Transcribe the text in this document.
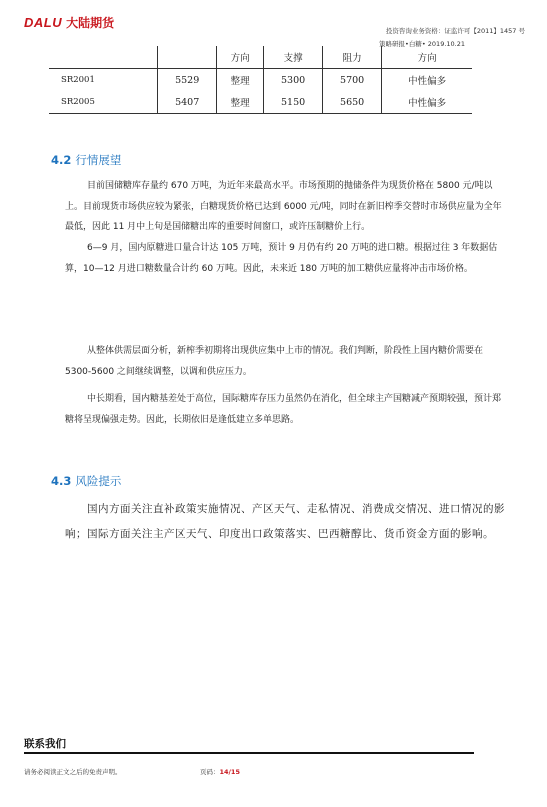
DALU 大陆期货
投资咨询业务资格：证监许可【2011】1457 号
策略研报•白糖• 2019.10.21
		方向	支撑	阻力	方向
SR2001	5529	整理	5300	5700	中性偏多
SR2005	5407	整理	5150	5650	中性偏多
4.2 行情展望

目前国储糖库存量约 670 万吨，为近年来最高水平。市场预期的抛储条件为现货价格在 5800 元/吨以上。目前现货市场供应较为紧张，白糖现货价格已达到 6000 元/吨，同时在新旧榨季交替时市场供应量为全年最低，因此 11 月中上旬是国储糖出库的重要时间窗口，或许压制糖价上行。

6—9 月，国内原糖进口量合计达 105 万吨，预计 9 月仍有约 20 万吨的进口糖。根据过往 3 年数据估算，10—12 月进口糖数量合计约 60 万吨。因此，未来近 180 万吨的加工糖供应量将冲击市场价格。

从整体供需层面分析，新榨季初期将出现供应集中上市的情况。我们判断，阶段性上国内糖价需要在 5300-5600 之间继续调整，以调和供应压力。

中长期看，国内糖基差处于高位，国际糖库存压力虽然仍在消化，但全球主产国糖减产预期较强，预计郑糖将呈现偏强走势。因此，长期依旧是逢低建立多单思路。

4.3 风险提示

国内方面关注直补政策实施情况、产区天气、走私情况、消费成交情况、进口情况的影响；国际方面关注主产区天气、印度出口政策落实、巴西糖醇比、货币资金方面的影响。

联系我们
请务必阅读正文之后的免责声明。	页码：14/15
